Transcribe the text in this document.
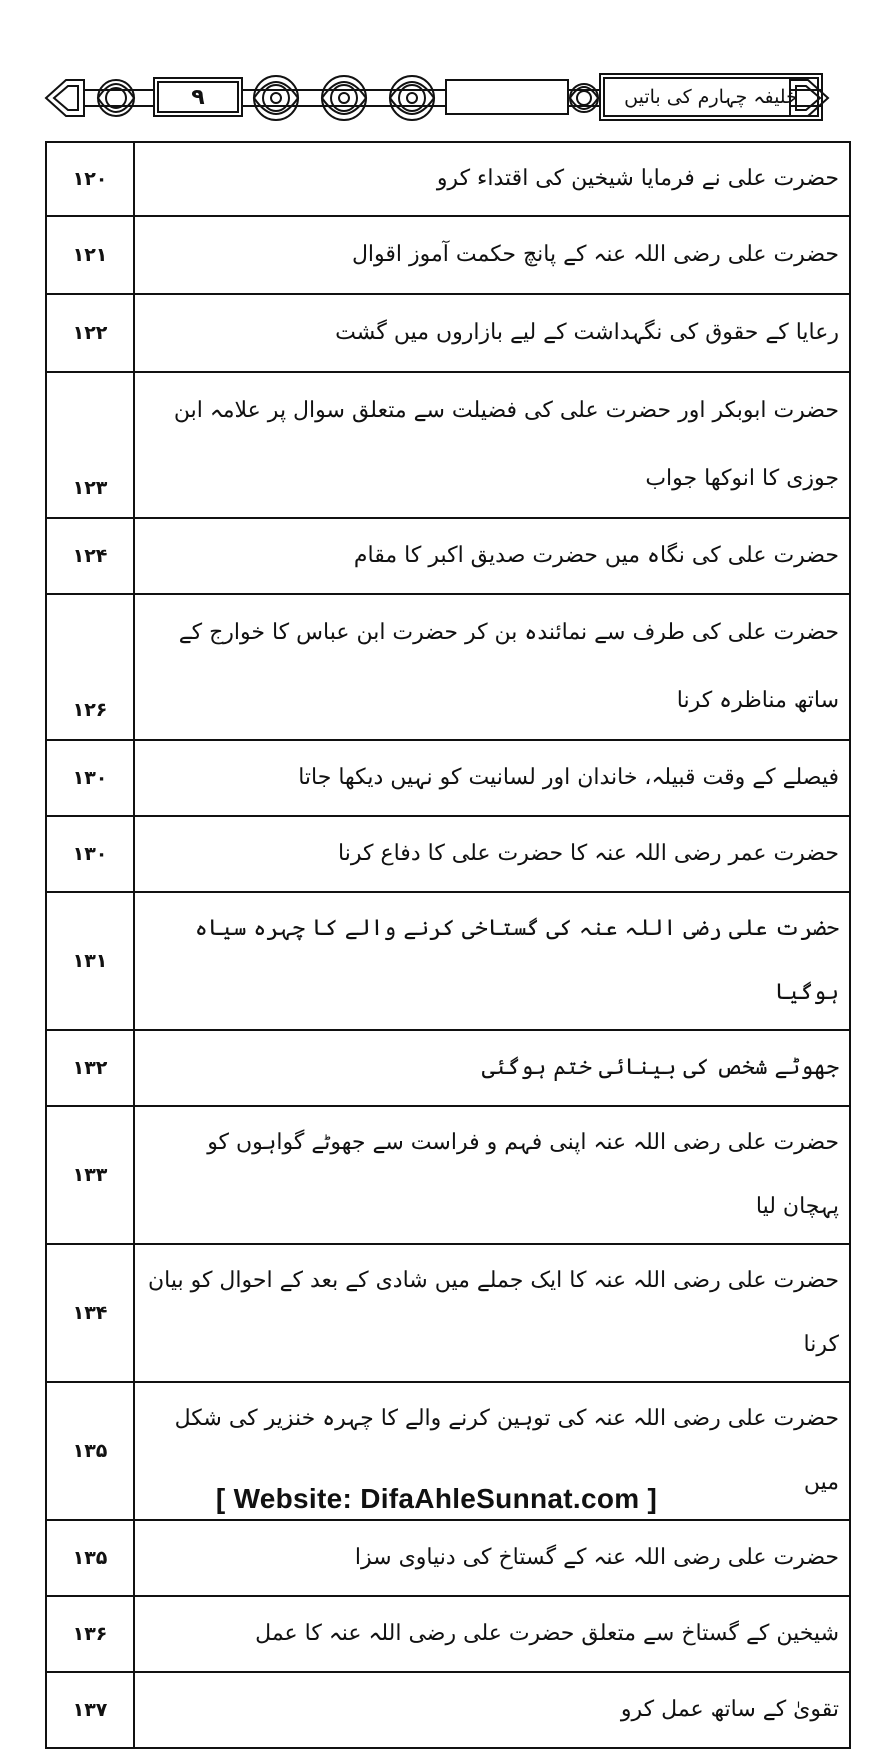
٩	خلیفہ چہارم کی باتیں
حضرت علی نے فرمایا شیخین کی اقتداء کرو	۱۲۰
حضرت علی رضی اللہ عنہ کے پانچ حکمت آموز اقوال	۱۲۱
رعایا کے حقوق کی نگہداشت کے لیے بازاروں میں گشت	۱۲۲
حضرت ابوبکر اور حضرت علی کی فضیلت سے متعلق سوال پر علامہ ابن جوزی کا انوکھا جواب	۱۲۳
حضرت علی کی نگاہ میں حضرت صدیق اکبر کا مقام	۱۲۴
حضرت علی کی طرف سے نمائندہ بن کر حضرت ابن عباس کا خوارج کے ساتھ مناظرہ کرنا	۱۲۶
فیصلے کے وقت قبیلہ، خاندان اور لسانیت کو نہیں دیکھا جاتا	۱۳۰
حضرت عمر رضی اللہ عنہ کا حضرت علی کا دفاع کرنا	۱۳۰
حضرت علی رضی اللہ عنہ کی گستاخی کرنے والے کا چہرہ سیاہ ہوگیا	۱۳۱
جھوٹے شخص کی بینائی ختم ہوگئی	۱۳۲
حضرت علی رضی اللہ عنہ اپنی فہم و فراست سے جھوٹے گواہوں کو پہچان لیا	۱۳۳
حضرت علی رضی اللہ عنہ کا ایک جملے میں شادی کے بعد کے احوال کو بیان کرنا	۱۳۴
حضرت علی رضی اللہ عنہ کی توہین کرنے والے کا چہرہ خنزیر کی شکل میں	۱۳۵
حضرت علی رضی اللہ عنہ کے گستاخ کی دنیاوی سزا	۱۳۵
شیخین کے گستاخ سے متعلق حضرت علی رضی اللہ عنہ کا عمل	۱۳۶
تقویٰ کے ساتھ عمل کرو	۱۳۷
[ Website: DifaAhleSunnat.com ]
